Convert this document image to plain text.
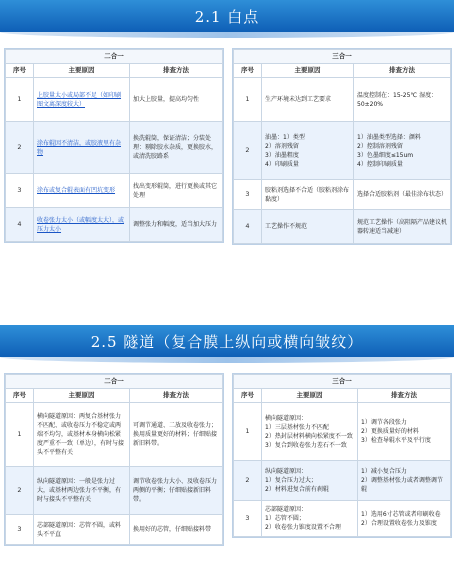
2.1 白点
二合一		
序号	主要原因	排查方法
1	上胶量太小或局部不足（如印刷图文离深度较大）	加大上胶量，提高均匀性
2	涂布辊因不清洁，或胶液里有杂物	换洗辊筒，保证清洁；分装处理：剔除胶水杂质，更换胶水，或清洗胶路系
3	涂布或复合辊表面有凹坑变形	找出变形辊筒，进行更换或其它处理
4	收卷张力太小（或幅度太大），或压力太小	调整张力和幅度，适当加大压力
三合一		
序号	主要原因	排查方法
1	生产环境未达到工艺要求	温度控制在：15-25℃ 湿度：50±20%
2	油墨：1）类型
2）溶剂残留
3）油墨粗度
4）印刷质量	1）油墨类型选择：颜料
2）控制溶剂残留
3）色墨细度≤15um
4）控制印刷质量
3	胶粘剂选择不合适（胶粘剂涂布黏度）	选择合适胶粘剂（最佳涂布状态）
4	工艺操作不规范	规范工艺操作（高阻隔产品建议机器转速适当减速）
2.5 隧道（复合膜上纵向或横向皱纹）
二合一		
序号	主要原因	排查方法
1	横向隧道原因：两复合基材张力不匹配、或收卷压力不稳定或两端不均匀，或基材本身横向松紧度严重不一致（单边），有时与接头不平整有关	可调节通道、二放及收卷张力；换用质量更好的材料；仔细贴接新旧料带。
2	纵向隧道原因：一般是张力过大，或基材两边张力不平衡，有时与接头不平整有关	调节收卷张力大小、及收卷压力两侧的平衡；仔细贴接新旧料带。
3	芯部隧道原因：芯管不圆，或料头不平直	换用好的芯管，仔细贴接料带
三合一		
序号	主要原因	排查方法
1	横向隧道原因：
1）三层基材张力不匹配
2）热封层材料横向松紧度不一致
3）复合到收卷张力差石不一致	1）调节各段张力
2）更换质量好的材料
3）检查导辊水平及平行度
2	纵向隧道原因：
1）复合压力过大；
2）材料进复合前有刹辊	1）减小复合压力
2）调整基材张力或者调整调节辊
3	芯部隧道原因：
1）芯管不圆；
2）收卷张力锥度设置不合理	1）选用6寸芯管或者印刷收卷
2）合理设置收卷张力及锥度
